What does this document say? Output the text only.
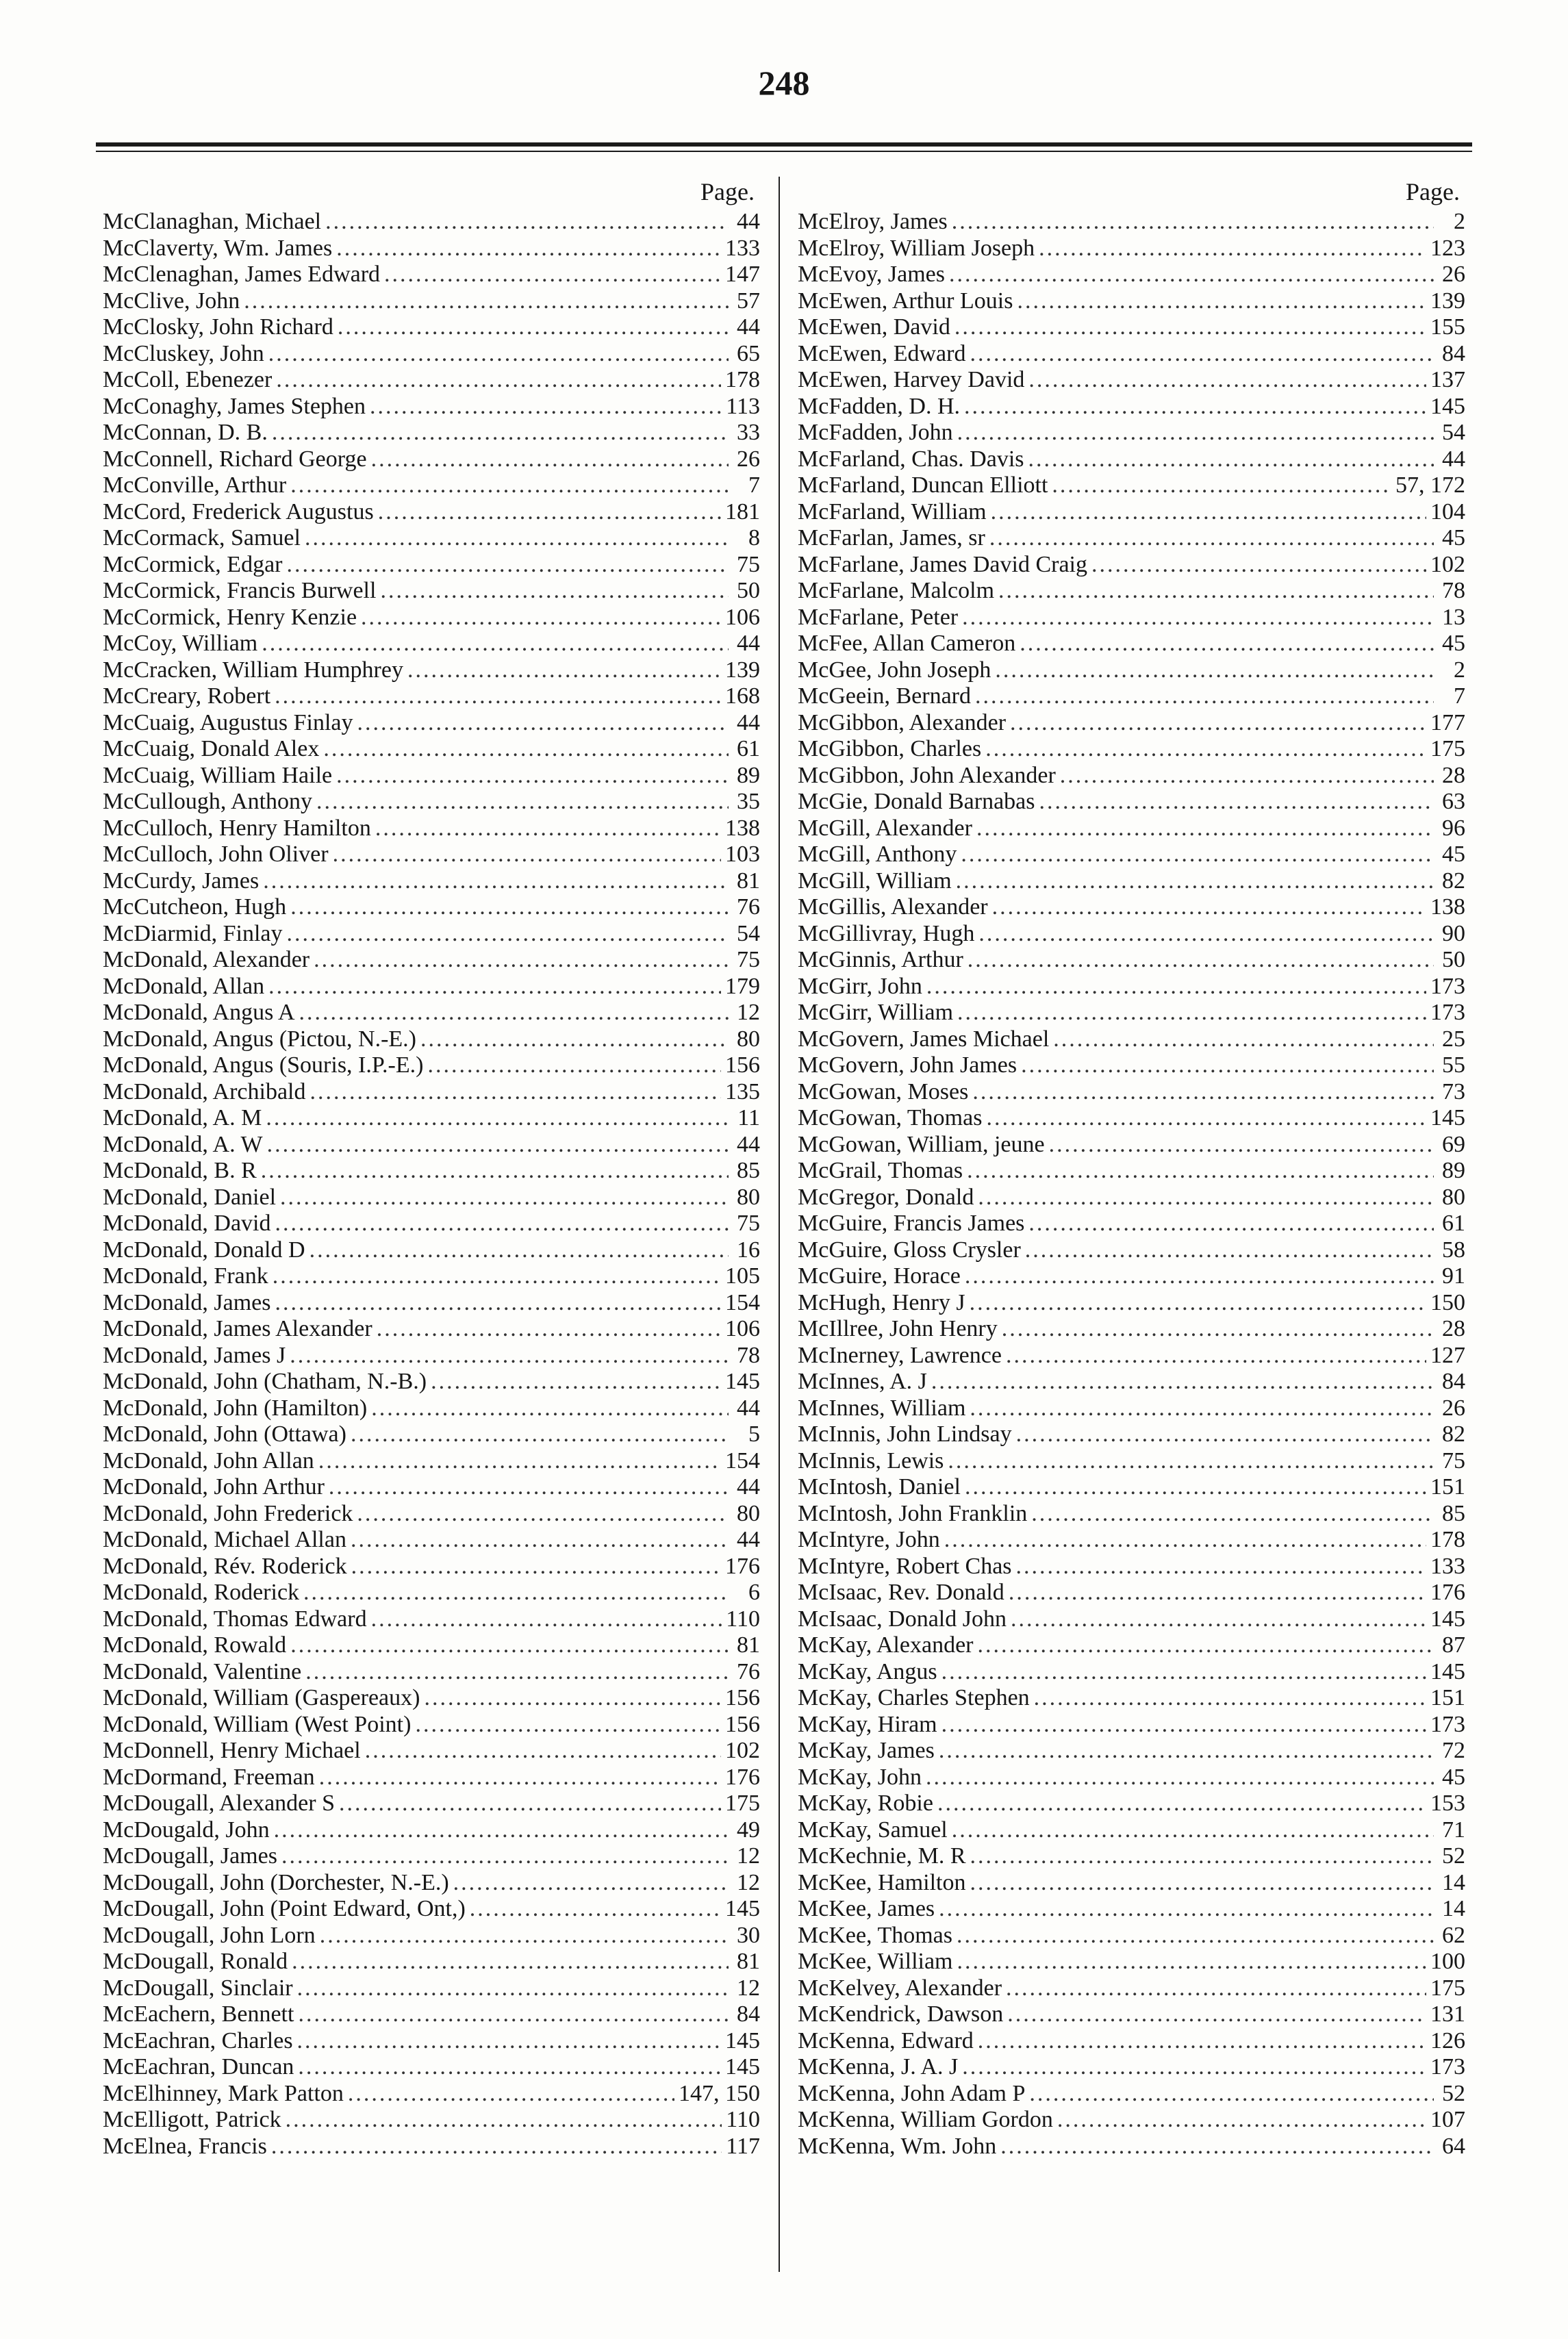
248
Page.
McClanaghan, Michael .....	44
McClaverty, Wm. James .....	133
McClenaghan, James Edward .....	147
McClive, John .....	57
McClosky, John Richard .....	44
McCluskey, John .....	65
McColl, Ebenezer .....	178
McConaghy, James Stephen .....	113
McConnan, D. B. .....	33
McConnell, Richard George .....	26
McConville, Arthur .....	7
McCord, Frederick Augustus .....	181
McCormack, Samuel .....	8
McCormick, Edgar .....	75
McCormick, Francis Burwell .....	50
McCormick, Henry Kenzie .....	106
McCoy, William .....	44
McCracken, William Humphrey .....	139
McCreary, Robert .....	168
McCuaig, Augustus Finlay .....	44
McCuaig, Donald Alex .....	61
McCuaig, William Haile .....	89
McCullough, Anthony .....	35
McCulloch, Henry Hamilton .....	138
McCulloch, John Oliver .....	103
McCurdy, James .....	81
McCutcheon, Hugh .....	76
McDiarmid, Finlay .....	54
McDonald, Alexander .....	75
McDonald, Allan .....	179
McDonald, Angus A .....	12
McDonald, Angus (Pictou, N.-E.) .....	80
McDonald, Angus (Souris, I.P.-E.) .....	156
McDonald, Archibald .....	135
McDonald, A. M .....	11
McDonald, A. W .....	44
McDonald, B. R .....	85
McDonald, Daniel .....	80
McDonald, David .....	75
McDonald, Donald D .....	16
McDonald, Frank .....	105
McDonald, James .....	154
McDonald, James Alexander .....	106
McDonald, James J .....	78
McDonald, John (Chatham, N.-B.) .....	145
McDonald, John (Hamilton) .....	44
McDonald, John (Ottawa) .....	5
McDonald, John Allan .....	154
McDonald, John Arthur .....	44
McDonald, John Frederick .....	80
McDonald, Michael Allan .....	44
McDonald, Rév. Roderick .....	176
McDonald, Roderick .....	6
McDonald, Thomas Edward .....	110
McDonald, Rowald .....	81
McDonald, Valentine .....	76
McDonald, William (Gaspereaux) .....	156
McDonald, William (West Point) .....	156
McDonnell, Henry Michael .....	102
McDormand, Freeman .....	176
McDougall, Alexander S .....	175
McDougald, John .....	49
McDougall, James .....	12
McDougall, John (Dorchester, N.-E.) .....	12
McDougall, John (Point Edward, Ont,) .....	145
McDougall, John Lorn .....	30
McDougall, Ronald .....	81
McDougall, Sinclair .....	12
McEachern, Bennett .....	84
McEachran, Charles .....	145
McEachran, Duncan .....	145
McElhinney, Mark Patton .....	147, 150
McElligott, Patrick .....	110
McElnea, Francis .....	117
Page.
McElroy, James .....	2
McElroy, William Joseph .....	123
McEvoy, James .....	26
McEwen, Arthur Louis .....	139
McEwen, David .....	155
McEwen, Edward .....	84
McEwen, Harvey David .....	137
McFadden, D. H. .....	145
McFadden, John .....	54
McFarland, Chas. Davis .....	44
McFarland, Duncan Elliott .....	57, 172
McFarland, William .....	104
McFarlan, James, sr .....	45
McFarlane, James David Craig .....	102
McFarlane, Malcolm .....	78
McFarlane, Peter .....	13
McFee, Allan Cameron .....	45
McGee, John Joseph .....	2
McGeein, Bernard .....	7
McGibbon, Alexander .....	177
McGibbon, Charles .....	175
McGibbon, John Alexander .....	28
McGie, Donald Barnabas .....	63
McGill, Alexander .....	96
McGill, Anthony .....	45
McGill, William .....	82
McGillis, Alexander .....	138
McGillivray, Hugh .....	90
McGinnis, Arthur .....	50
McGirr, John .....	173
McGirr, William .....	173
McGovern, James Michael .....	25
McGovern, John James .....	55
McGowan, Moses .....	73
McGowan, Thomas .....	145
McGowan, William, jeune .....	69
McGrail, Thomas .....	89
McGregor, Donald .....	80
McGuire, Francis James .....	61
McGuire, Gloss Crysler .....	58
McGuire, Horace .....	91
McHugh, Henry J .....	150
McIllree, John Henry .....	28
McInerney, Lawrence .....	127
McInnes, A. J .....	84
McInnes, William .....	26
McInnis, John Lindsay .....	82
McInnis, Lewis .....	75
McIntosh, Daniel .....	151
McIntosh, John Franklin .....	85
McIntyre, John .....	178
McIntyre, Robert Chas .....	133
McIsaac, Rev. Donald .....	176
McIsaac, Donald John .....	145
McKay, Alexander .....	87
McKay, Angus .....	145
McKay, Charles Stephen .....	151
McKay, Hiram .....	173
McKay, James .....	72
McKay, John .....	45
McKay, Robie .....	153
McKay, Samuel .....	71
McKechnie, M. R .....	52
McKee, Hamilton .....	14
McKee, James .....	14
McKee, Thomas .....	62
McKee, William .....	100
McKelvey, Alexander .....	175
McKendrick, Dawson .....	131
McKenna, Edward .....	126
McKenna, J. A. J .....	173
McKenna, John Adam P .....	52
McKenna, William Gordon .....	107
McKenna, Wm. John .....	64
